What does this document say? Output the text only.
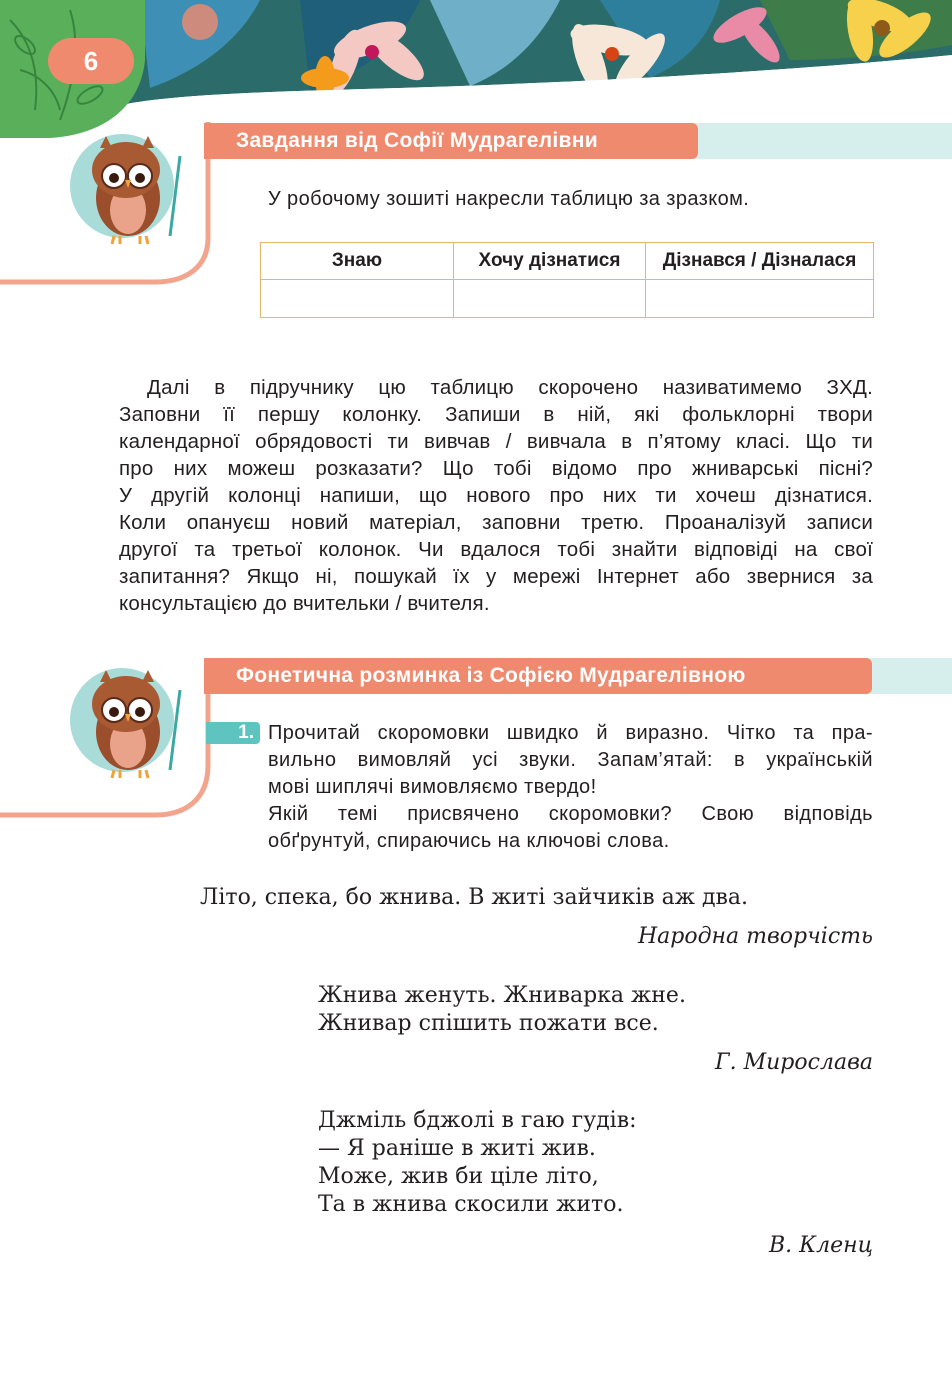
6
Завдання від Софії Мудрагелівни
У робочому зошиті накресли таблицю за зразком.
Знаю	Хочу дізнатися	Дізнався / Дізналася

Далі в підручнику цю таблицю скорочено називатимемо ЗХД.
Заповни її першу колонку. Запиши в ній, які фольклорні твори
календарної обрядовості ти вивчав / вивчала в п’ятому класі. Що ти
про них можеш розказати? Що тобі відомо про жниварські пісні?
У другій колонці напиши, що нового про них ти хочеш дізнатися.
Коли опануєш новий матеріал, заповни третю. Проаналізуй записи
другої та третьої колонок. Чи вдалося тобі знайти відповіді на свої
запитання? Якщо ні, пошукай їх у мережі Інтернет або звернися за
консультацією до вчительки / вчителя.
Фонетична розминка із Софією Мудрагелівною
1. Прочитай скоромовки швидко й виразно. Чітко та пра-
вильно вимовляй усі звуки. Запам’ятай: в українській
мові шиплячі вимовляємо твердо!
Якій темі присвячено скоромовки? Свою відповідь
обґрунтуй, спираючись на ключові слова.
Літо, спека, бо жнива. В житі зайчиків аж два.
Народна творчість
Жнива женуть. Жниварка жне.
Жнивар спішить пожати все.
Г. Мирослава
Джміль бджолі в гаю гудів:
— Я раніше в житі жив.
Може, жив би ціле літо,
Та в жнива скосили жито.
В. Кленц
